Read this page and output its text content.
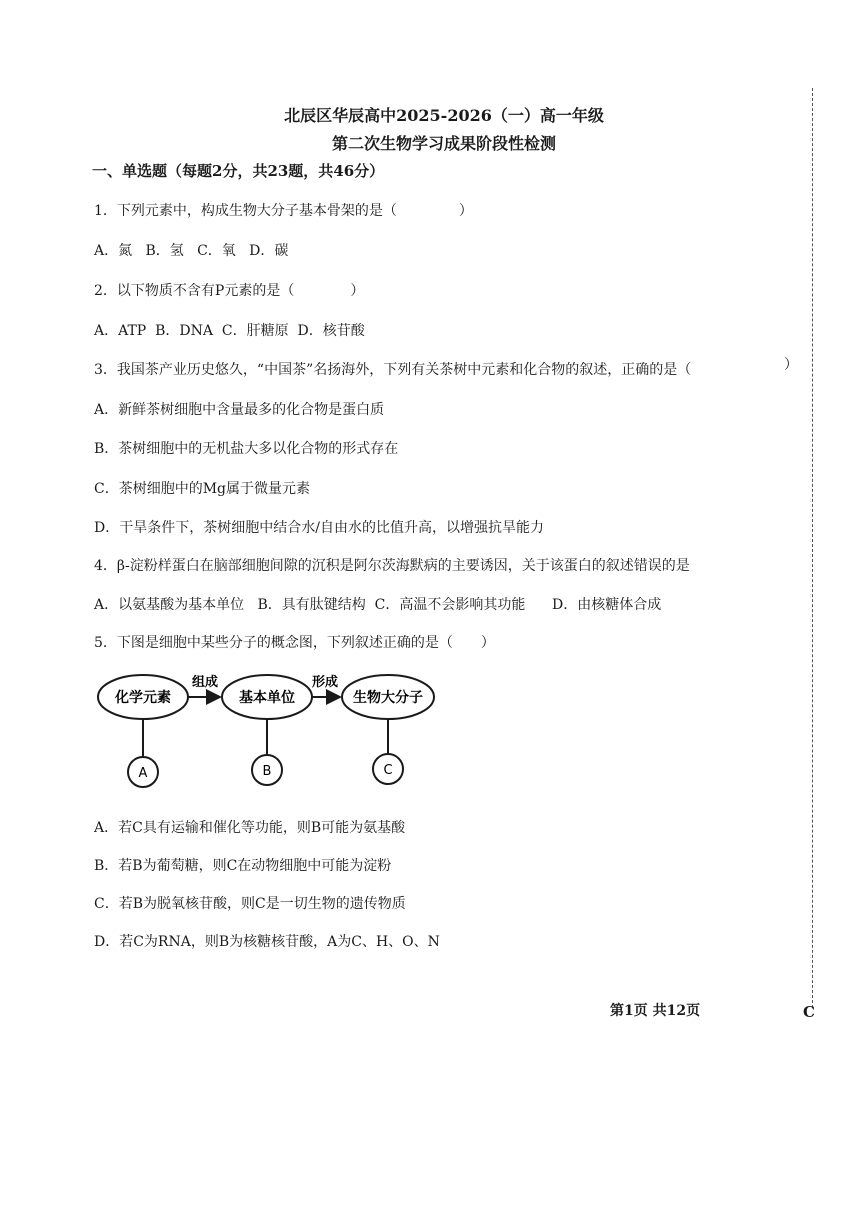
北辰区华辰高中2025-2026（一）高一年级
第二次生物学习成果阶段性检测
一、单选题（每题2分，共23题，共46分）
1．下列元素中，构成生物大分子基本骨架的是（	）
A．氮   B．氢   C．氧   D．碳
2．以下物质不含有P元素的是（	）
A．ATP  B．DNA  C．肝糖原  D．核苷酸
3．我国茶产业历史悠久，“中国茶”名扬海外，下列有关茶树中元素和化合物的叙述，正确的是（	）
A．新鲜茶树细胞中含量最多的化合物是蛋白质
B．茶树细胞中的无机盐大多以化合物的形式存在
C．茶树细胞中的Mg属于微量元素
D．干旱条件下，茶树细胞中结合水/自由水的比值升高，以增强抗旱能力
4．β-淀粉样蛋白在脑部细胞间隙的沉积是阿尔茨海默病的主要诱因，关于该蛋白的叙述错误的是
A．以氨基酸为基本单位   B．具有肽键结构  C．高温不会影响其功能      D．由核糖体合成
5．下图是细胞中某些分子的概念图，下列叙述正确的是（ ）
化学元素	基本单位	生物大分子
组成	形成
A	B	C
A．若C具有运输和催化等功能，则B可能为氨基酸
B．若B为葡萄糖，则C在动物细胞中可能为淀粉
C．若B为脱氧核苷酸，则C是一切生物的遗传物质
D．若C为RNA，则B为核糖核苷酸，A为C、H、O、N
第1页 共12页	C
